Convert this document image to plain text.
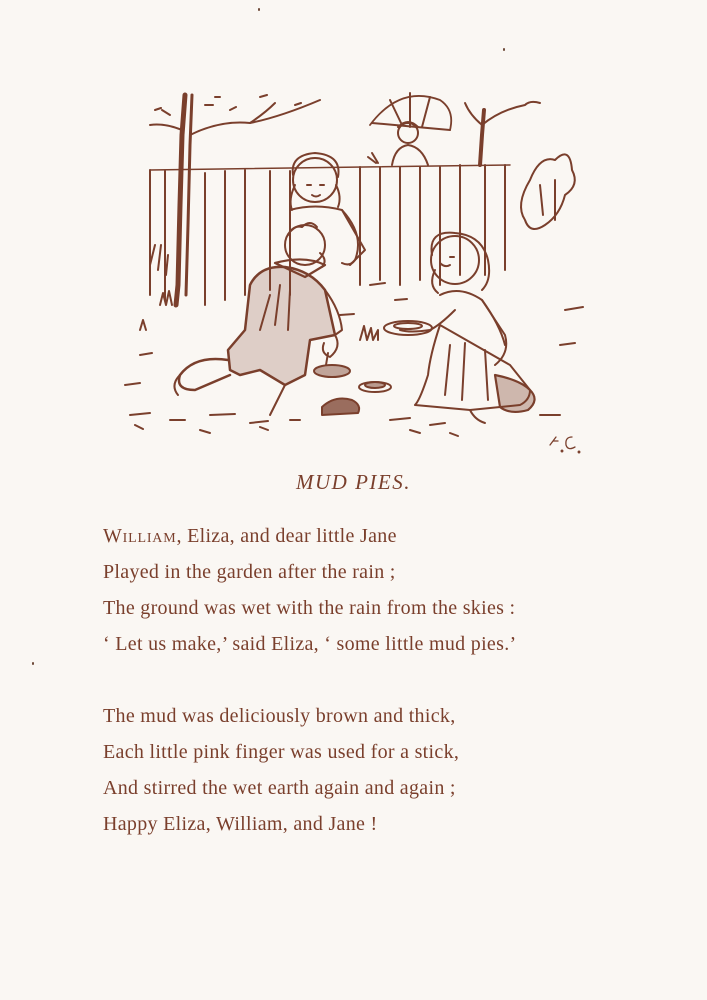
MUD PIES.
William, Eliza, and dear little Jane
Played in the garden after the rain ;
The ground was wet with the rain from the skies :
‘ Let us make,’ said Eliza, ‘ some little mud pies.’
The mud was deliciously brown and thick,
Each little pink finger was used for a stick,
And stirred the wet earth again and again ;
Happy Eliza, William, and Jane !
